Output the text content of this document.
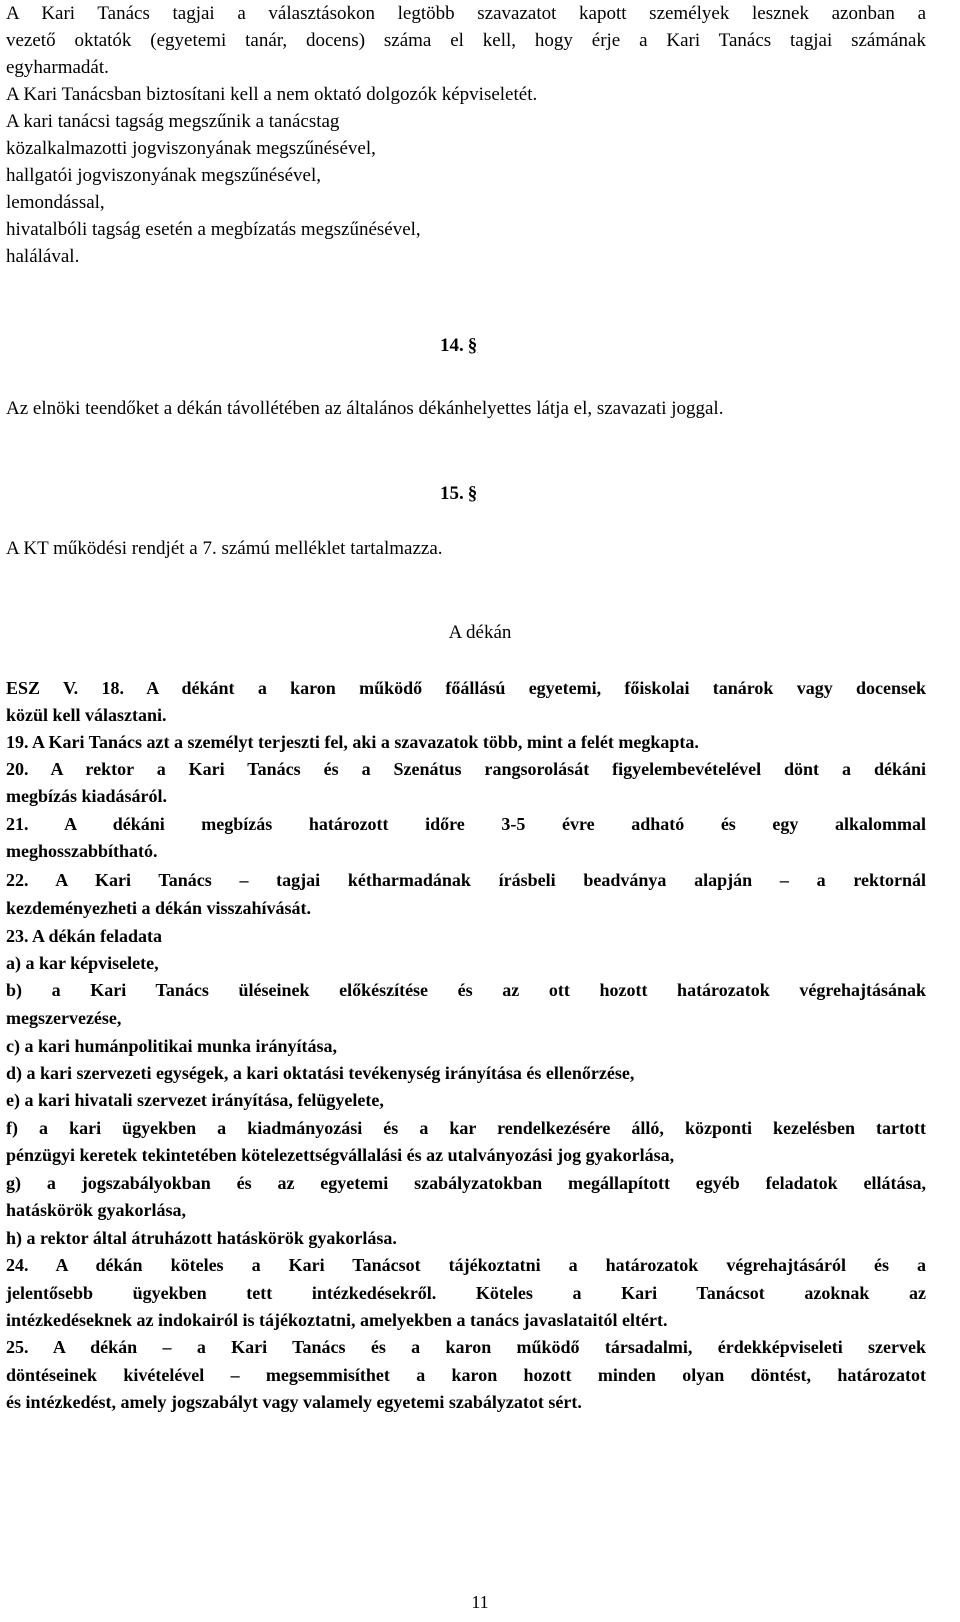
A Kari Tanács tagjai a választásokon legtöbb szavazatot kapott személyek lesznek azonban a
vezető oktatók (egyetemi tanár, docens) száma el kell, hogy érje a Kari Tanács tagjai számának
egyharmadát.
A Kari Tanácsban biztosítani kell a nem oktató dolgozók képviseletét.
A kari tanácsi tagság megszűnik a tanácstag
közalkalmazotti jogviszonyának megszűnésével,
hallgatói jogviszonyának megszűnésével,
lemondással,
hivatalbóli tagság esetén a megbízatás megszűnésével,
halálával.
14. §
Az elnöki teendőket a dékán távollétében az általános dékánhelyettes látja el, szavazati joggal.
15. §
A KT működési rendjét a 7. számú melléklet tartalmazza.
A dékán
ESZ V. 18. A dékánt a karon működő főállású egyetemi, főiskolai tanárok vagy docensek
közül kell választani.
19. A Kari Tanács azt a személyt terjeszti fel, aki a szavazatok több, mint a felét megkapta.
20. A rektor a Kari Tanács és a Szenátus rangsorolását figyelembevételével dönt a dékáni
megbízás kiadásáról.
21. A dékáni megbízás határozott időre 3-5 évre adható és egy alkalommal
meghosszabbítható.
22. A Kari Tanács – tagjai kétharmadának írásbeli beadványa alapján – a rektornál
kezdeményezheti a dékán visszahívását.
23. A dékán feladata
a) a kar képviselete,
b) a Kari Tanács üléseinek előkészítése és az ott hozott határozatok végrehajtásának
megszervezése,
c) a kari humánpolitikai munka irányítása,
d) a kari szervezeti egységek, a kari oktatási tevékenység irányítása és ellenőrzése,
e) a kari hivatali szervezet irányítása, felügyelete,
f) a kari ügyekben a kiadmányozási és a kar rendelkezésére álló, központi kezelésben tartott
pénzügyi keretek tekintetében kötelezettségvállalási és az utalványozási jog gyakorlása,
g) a jogszabályokban és az egyetemi szabályzatokban megállapított egyéb feladatok ellátása,
hatáskörök gyakorlása,
h) a rektor által átruházott hatáskörök gyakorlása.
24. A dékán köteles a Kari Tanácsot tájékoztatni a határozatok végrehajtásáról és a
jelentősebb ügyekben tett intézkedésekről. Köteles a Kari Tanácsot azoknak az
intézkedéseknek az indokairól is tájékoztatni, amelyekben a tanács javaslataitól eltért.
25. A dékán – a Kari Tanács és a karon működő társadalmi, érdekképviseleti szervek
döntéseinek kivételével – megsemmisíthet a karon hozott minden olyan döntést, határozatot
és intézkedést, amely jogszabályt vagy valamely egyetemi szabályzatot sért.
11
